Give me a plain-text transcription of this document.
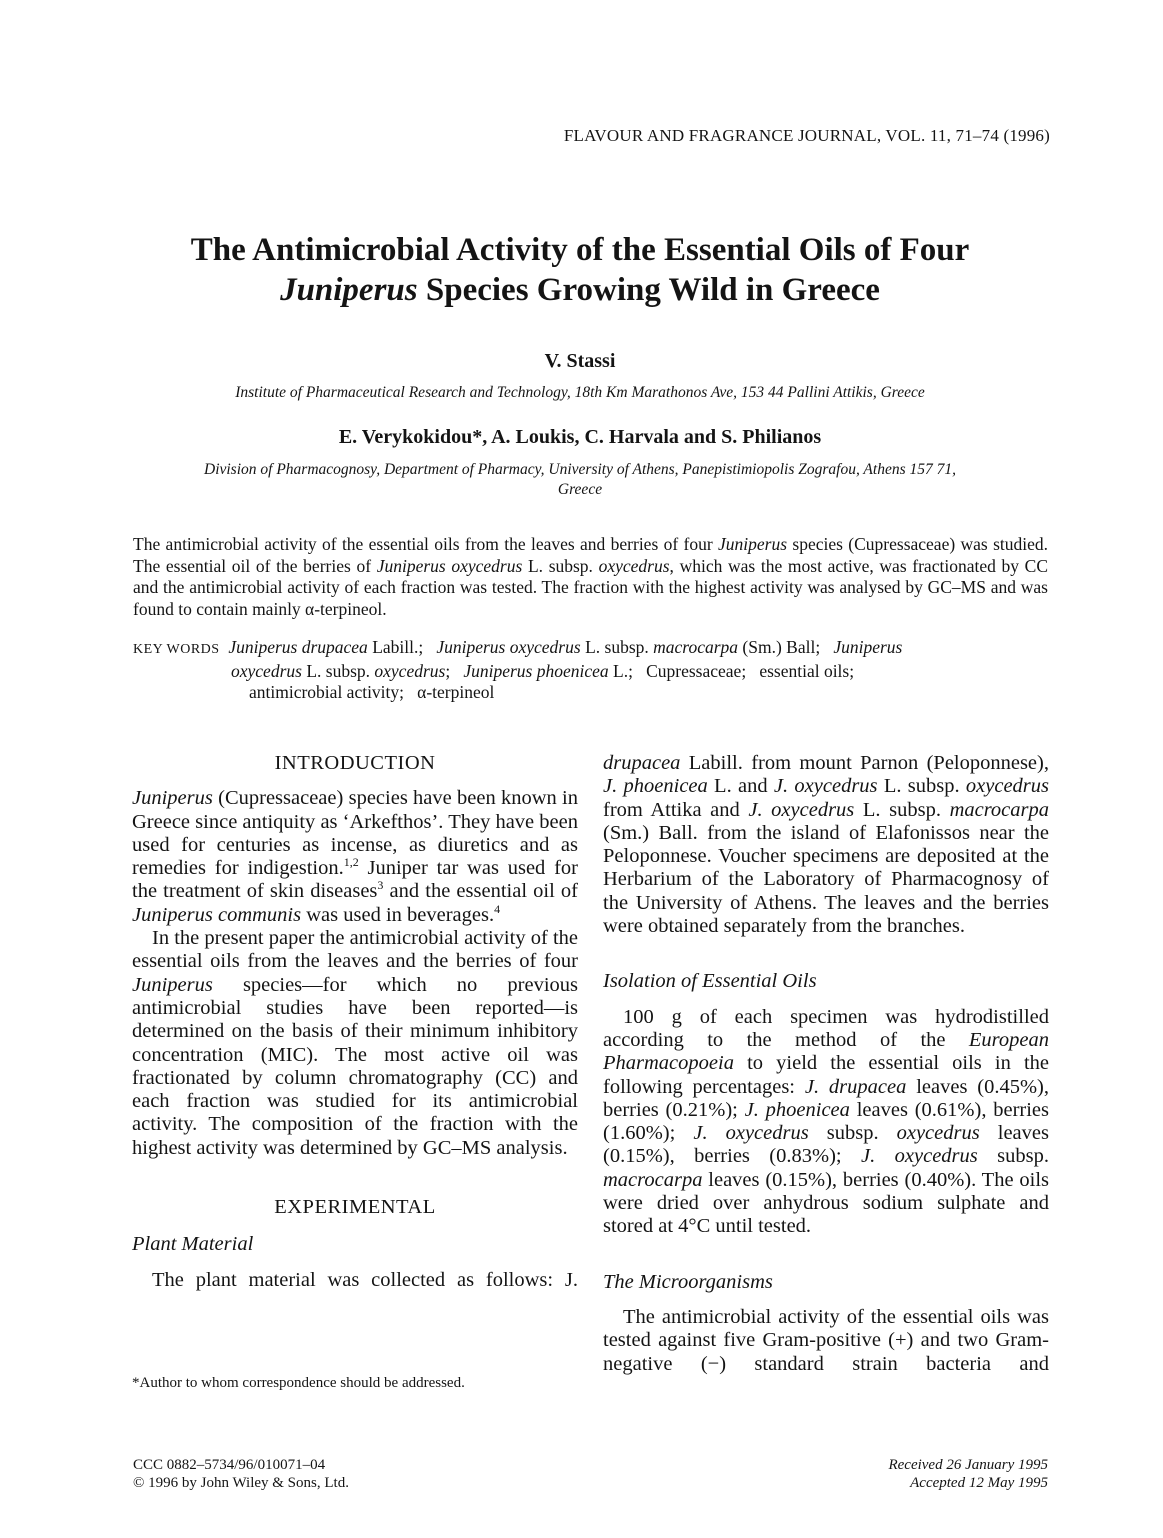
FLAVOUR AND FRAGRANCE JOURNAL, VOL. 11, 71–74 (1996)
The Antimicrobial Activity of the Essential Oils of Four
Juniperus Species Growing Wild in Greece
V. Stassi
Institute of Pharmaceutical Research and Technology, 18th Km Marathonos Ave, 153 44 Pallini Attikis, Greece
E. Verykokidou*, A. Loukis, C. Harvala and S. Philianos
Division of Pharmacognosy, Department of Pharmacy, University of Athens, Panepistimiopolis Zografou, Athens 157 71,
Greece
The antimicrobial activity of the essential oils from the leaves and berries of four Juniperus species (Cupressaceae) was studied. The essential oil of the berries of Juniperus oxycedrus L. subsp. oxycedrus, which was the most active, was fractionated by CC and the antimicrobial activity of each fraction was tested. The fraction with the highest activity was analysed by GC–MS and was found to contain mainly α-terpineol.
KEY WORDS Juniperus drupacea Labill.; Juniperus oxycedrus L. subsp. macrocarpa (Sm.) Ball; Juniperus
oxycedrus L. subsp. oxycedrus; Juniperus phoenicea L.; Cupressaceae; essential oils;
antimicrobial activity; α-terpineol
INTRODUCTION

Juniperus (Cupressaceae) species have been known in Greece since antiquity as ‘Arkefthos’. They have been used for centuries as incense, as diuretics and as remedies for indigestion.$^{1,2}$ Juniper tar was used for the treatment of skin diseases$^3$ and the essential oil of Juniperus communis was used in beverages.$^4$

In the present paper the antimicrobial activity of the essential oils from the leaves and the berries of four Juniperus species—for which no previous antimicrobial studies have been reported—is determined on the basis of their minimum inhibitory concentration (MIC). The most active oil was fractionated by column chromatography (CC) and each fraction was studied for its antimicrobial activity. The composition of the fraction with the highest activity was determined by GC–MS analysis.

EXPERIMENTAL
Plant Material

The plant material was collected as follows: J.

*Author to whom correspondence should be addressed.

drupacea Labill. from mount Parnon (Peloponnese), J. phoenicea L. and J. oxycedrus L. subsp. oxycedrus from Attika and J. oxycedrus L. subsp. macrocarpa (Sm.) Ball. from the island of Elafonissos near the Peloponnese. Voucher specimens are deposited at the Herbarium of the Laboratory of Pharmacognosy of the University of Athens. The leaves and the berries were obtained separately from the branches.

Isolation of Essential Oils

100 g of each specimen was hydrodistilled according to the method of the European Pharmacopoeia to yield the essential oils in the following percentages: J. drupacea leaves (0.45%), berries (0.21%); J. phoenicea leaves (0.61%), berries (1.60%); J. oxycedrus subsp. oxycedrus leaves (0.15%), berries (0.83%); J. oxycedrus subsp. macrocarpa leaves (0.15%), berries (0.40%). The oils were dried over anhydrous sodium sulphate and stored at 4°C until tested.

The Microorganisms

The antimicrobial activity of the essential oils was tested against five Gram-positive (+) and two Gram-negative (−) standard strain bacteria and

CCC 0882–5734/96/010071–04
© 1996 by John Wiley & Sons, Ltd.
Received 26 January 1995
Accepted 12 May 1995
